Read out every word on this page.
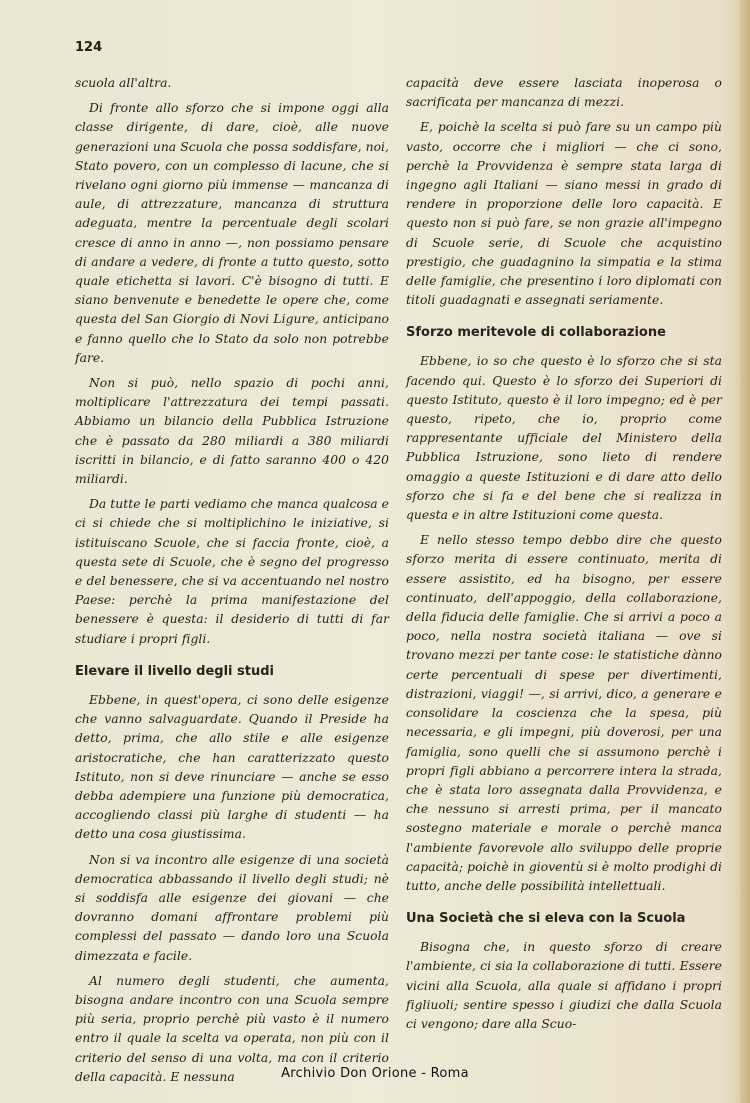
124

scuola all'altra.

Di fronte allo sforzo che si impone oggi alla classe dirigente, di dare, cioè, alle nuove generazioni una Scuola che possa soddisfare, noi, Stato povero, con un complesso di lacune, che si rivelano ogni giorno più immense — mancanza di aule, di attrezzature, mancanza di struttura adeguata, mentre la percentuale degli scolari cresce di anno in anno —, non possiamo pensare di andare a vedere, di fronte a tutto questo, sotto quale etichetta si lavori. C'è bisogno di tutti. E siano benvenute e benedette le opere che, come questa del San Giorgio di Novi Ligure, anticipano e fanno quello che lo Stato da solo non potrebbe fare.

Non si può, nello spazio di pochi anni, moltiplicare l'attrezzatura dei tempi passati. Abbiamo un bilancio della Pubblica Istruzione che è passato da 280 miliardi a 380 miliardi iscritti in bilancio, e di fatto saranno 400 o 420 miliardi.

Da tutte le parti vediamo che manca qualcosa e ci si chiede che si moltiplichino le iniziative, si istituiscano Scuole, che si faccia fronte, cioè, a questa sete di Scuole, che è segno del progresso e del benessere, che si va accentuando nel nostro Paese: perchè la prima manifestazione del benessere è questa: il desiderio di tutti di far studiare i propri figli.

Elevare il livello degli studi

Ebbene, in quest'opera, ci sono delle esigenze che vanno salvaguardate. Quando il Preside ha detto, prima, che allo stile e alle esigenze aristocratiche, che han caratterizzato questo Istituto, non si deve rinunciare — anche se esso debba adempiere una funzione più democratica, accogliendo classi più larghe di studenti — ha detto una cosa giustissima.

Non si va incontro alle esigenze di una società democratica abbassando il livello degli studi; nè si soddisfa alle esigenze dei giovani — che dovranno domani affrontare problemi più complessi del passato — dando loro una Scuola dimezzata e facile.

Al numero degli studenti, che aumenta, bisogna andare incontro con una Scuola sempre più seria, proprio perchè più vasto è il numero entro il quale la scelta va operata, non più con il criterio del senso di una volta, ma con il criterio della capacità. E nessuna

capacità deve essere lasciata inoperosa o sacrificata per mancanza di mezzi.

E, poichè la scelta si può fare su un campo più vasto, occorre che i migliori — che ci sono, perchè la Provvidenza è sempre stata larga di ingegno agli Italiani — siano messi in grado di rendere in proporzione delle loro capacità. E questo non si può fare, se non grazie all'impegno di Scuole serie, di Scuole che acquistino prestigio, che guadagnino la simpatia e la stima delle famiglie, che presentino i loro diplomati con titoli guadagnati e assegnati seriamente.

Sforzo meritevole di collaborazione

Ebbene, io so che questo è lo sforzo che si sta facendo qui. Questo è lo sforzo dei Superiori di questo Istituto, questo è il loro impegno; ed è per questo, ripeto, che io, proprio come rappresentante ufficiale del Ministero della Pubblica Istruzione, sono lieto di rendere omaggio a queste Istituzioni e di dare atto dello sforzo che si fa e del bene che si realizza in questa e in altre Istituzioni come questa.

E nello stesso tempo debbo dire che questo sforzo merita di essere continuato, merita di essere assistito, ed ha bisogno, per essere continuato, dell'appoggio, della collaborazione, della fiducia delle famiglie. Che si arrivi a poco a poco, nella nostra società italiana — ove si trovano mezzi per tante cose: le statistiche dànno certe percentuali di spese per divertimenti, distrazioni, viaggi! —, si arrivi, dico, a generare e consolidare la coscienza che la spesa, più necessaria, e gli impegni, più doverosi, per una famiglia, sono quelli che si assumono perchè i propri figli abbiano a percorrere intera la strada, che è stata loro assegnata dalla Provvidenza, e che nessuno si arresti prima, per il mancato sostegno materiale e morale o perchè manca l'ambiente favorevole allo sviluppo delle proprie capacità; poichè in gioventù si è molto prodighi di tutto, anche delle possibilità intellettuali.

Una Società che si eleva con la Scuola

Bisogna che, in questo sforzo di creare l'ambiente, ci sia la collaborazione di tutti. Essere vicini alla Scuola, alla quale si affidano i propri figliuoli; sentire spesso i giudizi che dalla Scuola ci vengono; dare alla Scuo-

Archivio Don Orione - Roma
